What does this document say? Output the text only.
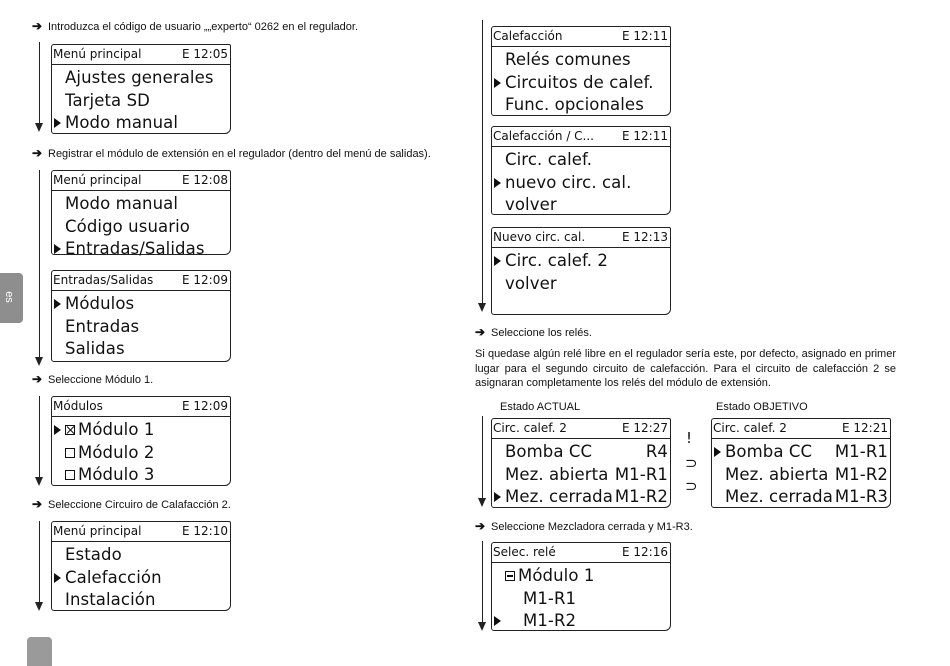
es
➔ Introduzca el código de usuario „„experto“ 0262 en el regulador.
Menú principal	E 12:05
Ajustes generales
Tarjeta SD
Modo manual
➔ Registrar el módulo de extensión en el regulador (dentro del menú de salidas).
Menú principal	E 12:08
Modo manual
Código usuario
Entradas/Salidas
Entradas/Salidas E 12:09
Módulos
Entradas
Salidas
➔ Seleccione Módulo 1.
Módulos	E 12:09
Módulo 1
Módulo 2
Módulo 3
➔ Seleccione Circuiro de Calafacción 2.
Menú principal	E 12:10
Estado
Calefacción
Instalación
Calefacción	E 12:11
Relés comunes
Circuitos de calef.
Func. opcionales
Calefacción / C... E 12:11
Circ. calef.
nuevo circ. cal.
volver
Nuevo circ. cal.	E 12:13
Circ. calef. 2
volver
➔ Seleccione los relés.
Si quedase algún relé libre en el regulador sería este, por defecto, asignado en primer lugar para el segundo circuito de calefacción. Para el circuito de calefacción 2 se asignaran completamente los relés del módulo de extensión.
Estado ACTUAL	Estado OBJETIVO
Circ. calef. 2	E 12:27
Bomba CC	R4
Mez. abierta M1-R1
Mez. cerrada M1-R2
!
⊃
⊃
Circ. calef. 2	E 12:21
Bomba CC M1-R1
Mez. abierta M1-R2
Mez. cerrada M1-R3
➔ Seleccione Mezcladora cerrada y M1-R3.
Selec. relé	E 12:16
Módulo 1
M1-R1
M1-R2
